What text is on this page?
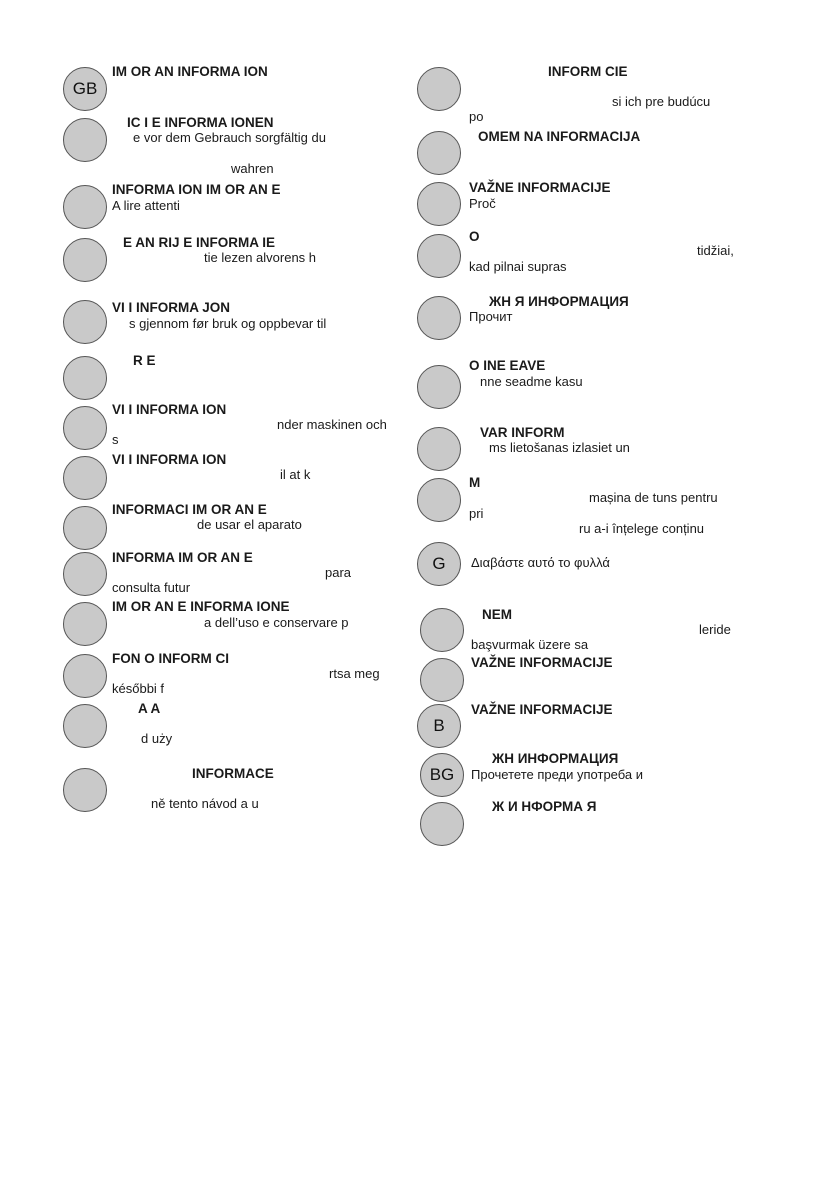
GB
IM OR AN INFORMA ION
IC I E INFORMA IONEN
e vor dem Gebrauch sorgfältig du
wahren
INFORMA ION IM OR AN E
A lire attenti
E AN RIJ E INFORMA IE
tie lezen alvorens h
VI I INFORMA JON
s gjennom før bruk og oppbevar til
R E
VI I INFORMA ION
nder maskinen och
s
VI I INFORMA ION
il at k
INFORMACI IM OR AN E
de usar el aparato
INFORMA IM OR AN E
para
consulta futur
IM OR AN E INFORMA IONE
a dell’uso e conservare p
FON O INFORM CI
rtsa meg
későbbi f
A A
d uży
INFORMACE
ně tento návod a u
G
B
BG
INFORM CIE
si ich pre budúcu
po
OMEM NA INFORMACIJA
VAŽNE INFORMACIJE
Proč
O
tidžiai,
kad pilnai supras
ЖН Я ИНФОРМАЦИЯ
Прочит
O INE EAVE
nne seadme kasu
VAR INFORM
ms lietošanas izlasiet un
M
mașina de tuns pentru
pri
ru a-i înțelege conținu
Διαβάστε αυτό το φυλλά
NEM
leride
başvurmak üzere sa
VAŽNE INFORMACIJE
VAŽNE INFORMACIJE
ЖН ИНФОРМАЦИЯ
Прочетете преди употреба и
Ж И НФОРМА Я
